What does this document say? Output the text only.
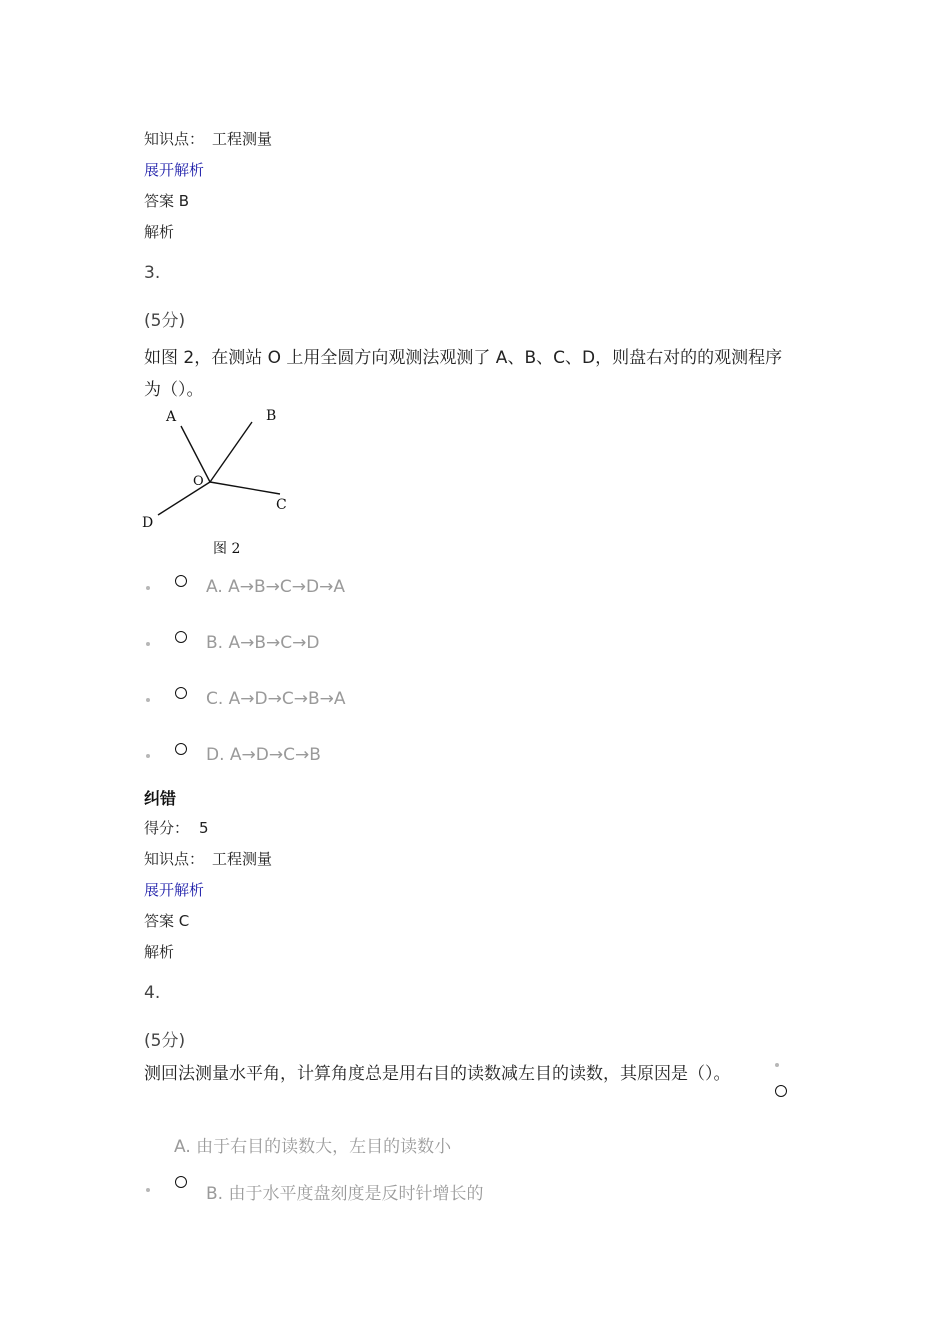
知识点： 工程测量
展开解析
答案 B
解析
3.
(5分)
如图 2，在测站 O 上用全圆方向观测法观测了 A、B、C、D，则盘右对的的观测程序
为（）。
A	B
C
D
O
图 2
A. A→B→C→D→A
B. A→B→C→D
C. A→D→C→B→A
D. A→D→C→B
纠错
得分： 5
知识点： 工程测量
展开解析
答案 C
解析
4.
(5分)
测回法测量水平角，计算角度总是用右目的读数减左目的读数，其原因是（）。
A. 由于右目的读数大，左目的读数小
B. 由于水平度盘刻度是反时针增长的
